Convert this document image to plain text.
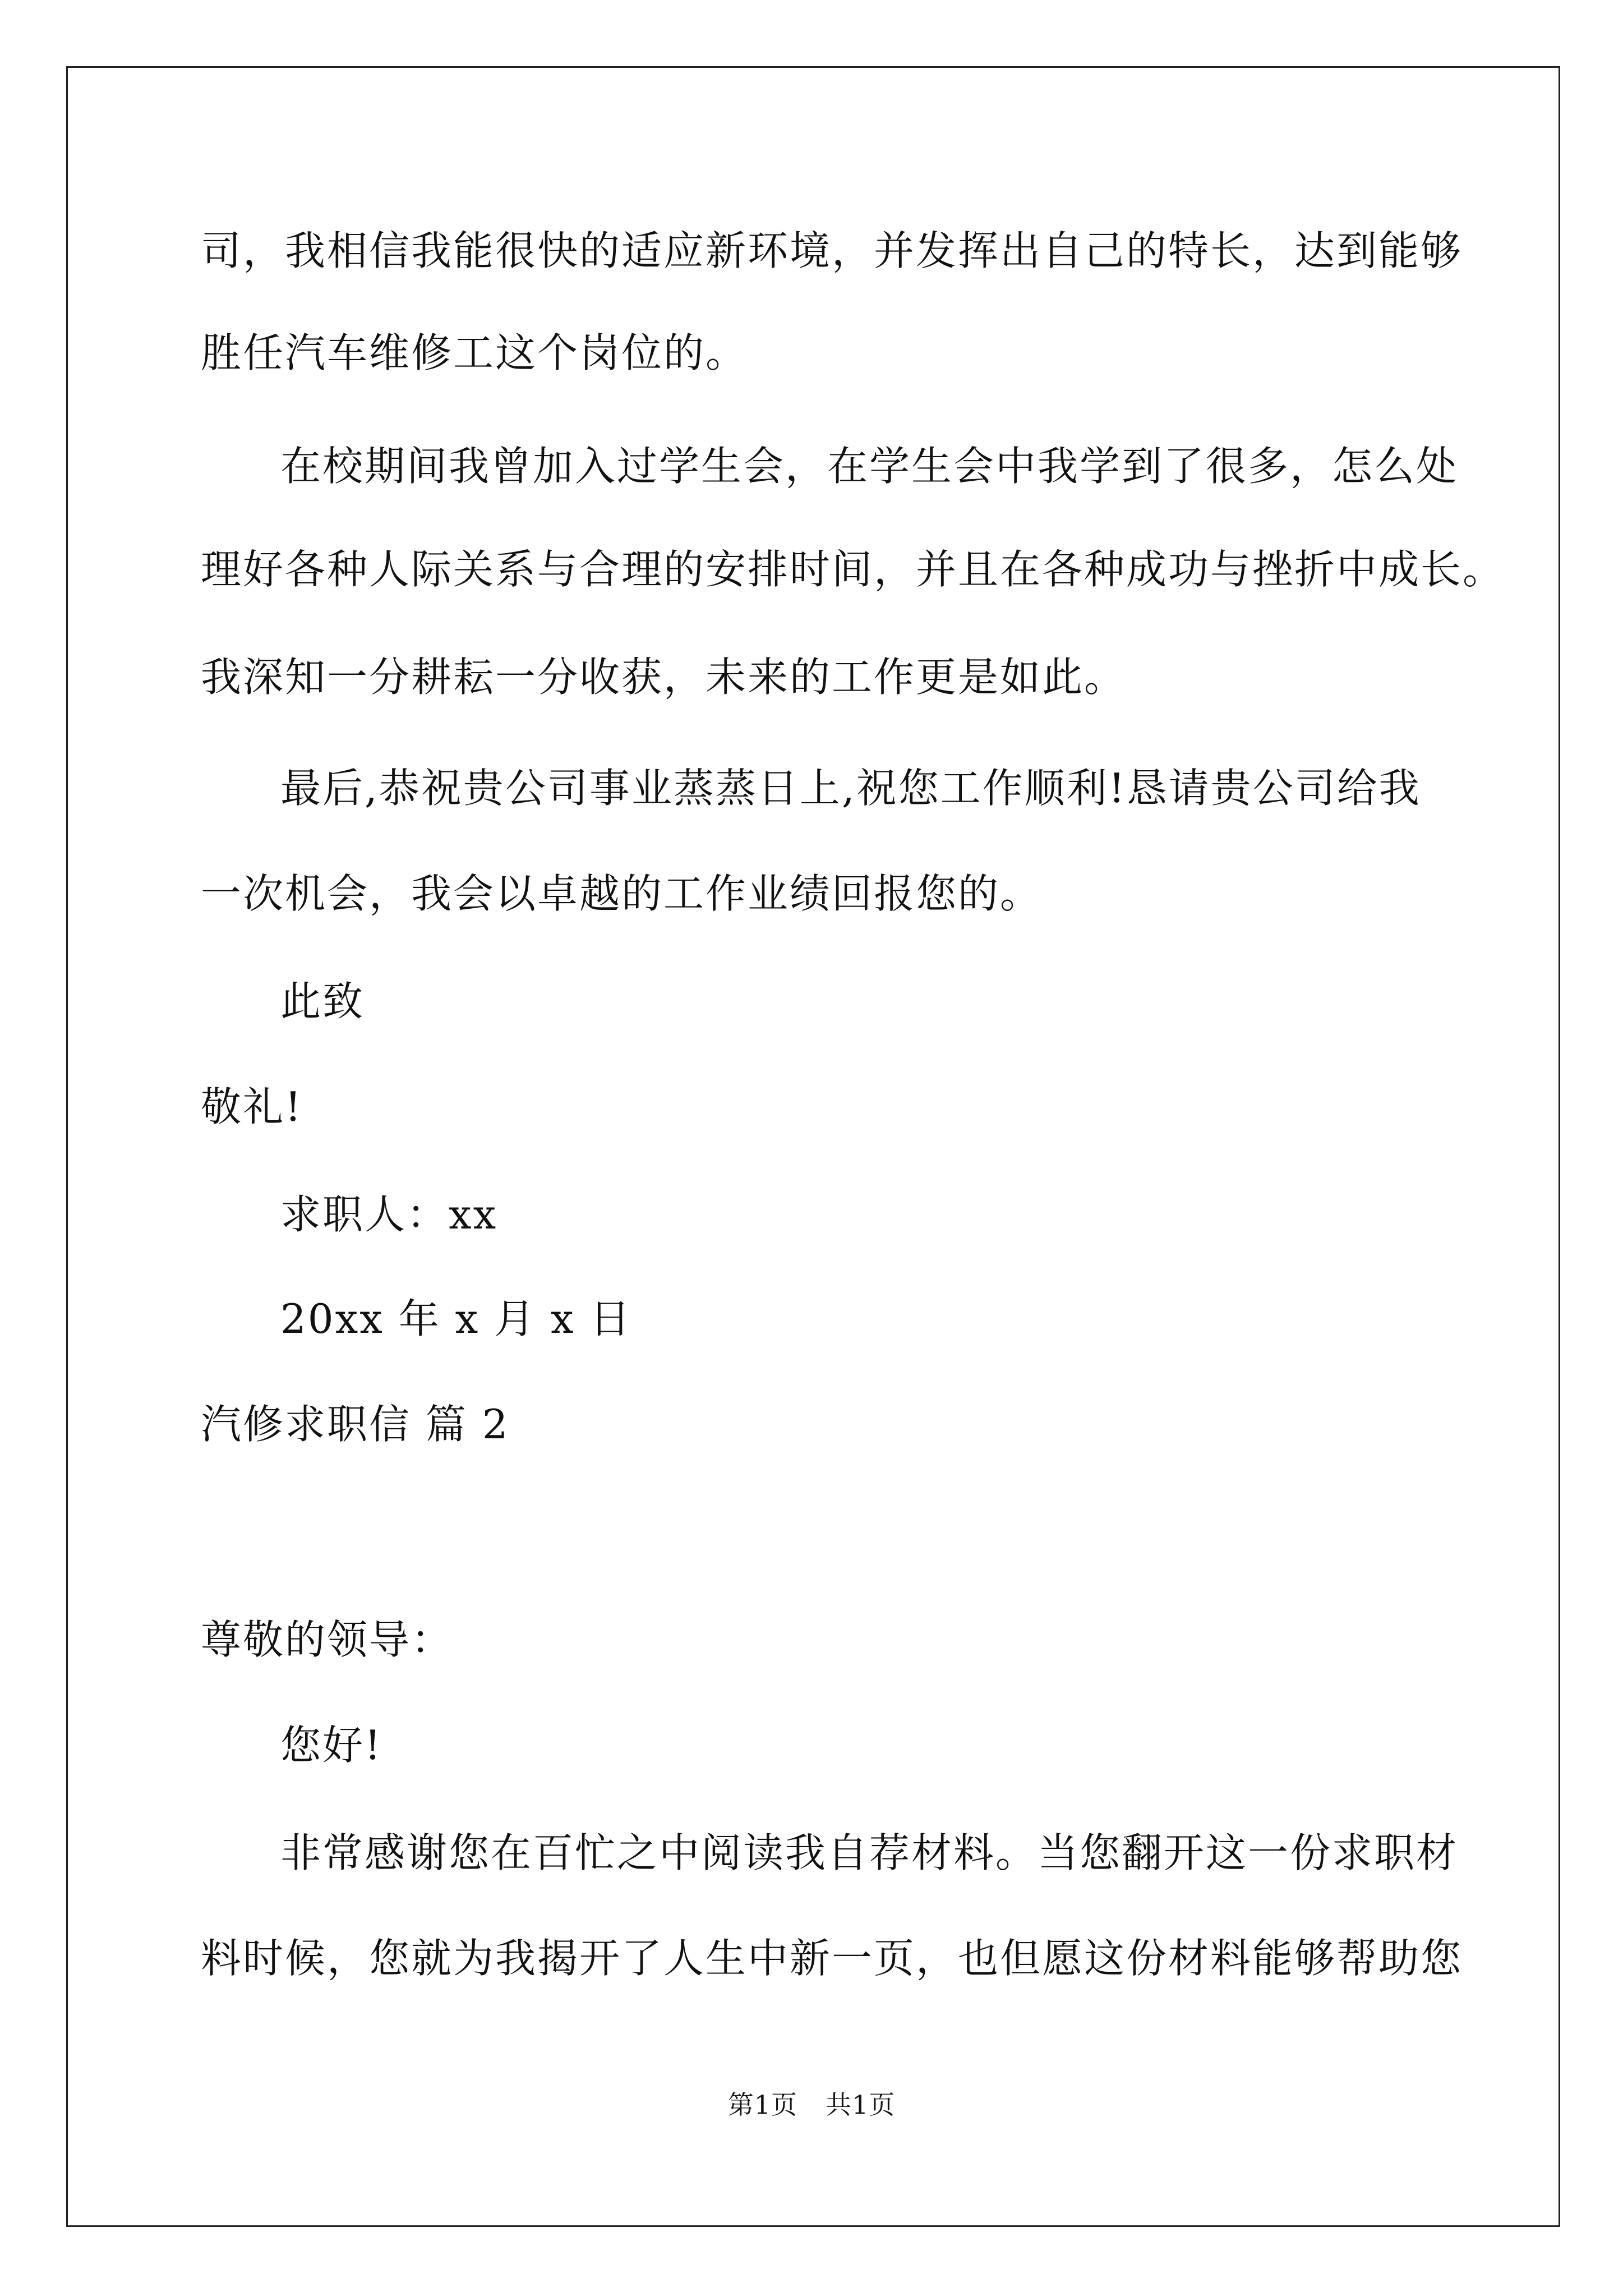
司，我相信我能很快的适应新环境，并发挥出自己的特长，达到能够
胜任汽车维修工这个岗位的。
在校期间我曾加入过学生会，在学生会中我学到了很多，怎么处
理好各种人际关系与合理的安排时间，并且在各种成功与挫折中成长。
我深知一分耕耘一分收获，未来的工作更是如此。
最后,恭祝贵公司事业蒸蒸日上,祝您工作顺利!恳请贵公司给我
一次机会，我会以卓越的工作业绩回报您的。
此致
敬礼!
求职人：xx
20xx 年 x 月 x 日
汽修求职信 篇 2
尊敬的领导：
您好!
非常感谢您在百忙之中阅读我自荐材料。当您翻开这一份求职材
料时候，您就为我揭开了人生中新一页，也但愿这份材料能够帮助您
第1页 共1页
